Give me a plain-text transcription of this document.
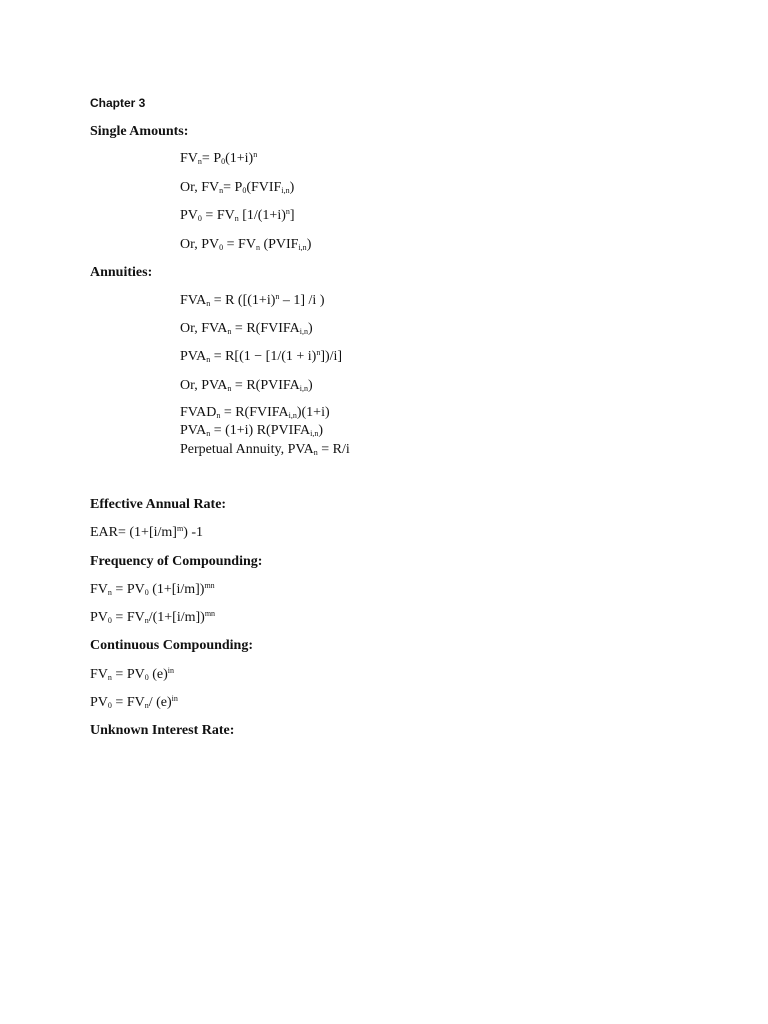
Chapter 3
Single Amounts:
$FV_n= P_0(1+i)^n$
Or, $FV_n=$ $P_0(FVIF_{i,n})$
$PV_0 = FV_n$ $[1/(1+i)^n]$
Or, $PV_0 = FV_n$ $(PVIF_{i,n})$
Annuities:
$FVA_n = R$ ($[(1+i)^n - 1]$ /i )
Or, $FVA_n$ = $R(FVIFA_{i,n})$
$PVA_n = R[(1 - [1/(1 + i)^n])/i]$
Or, $PVA_n$ = $R(PVIFA_{i,n})$
$FVAD_n$ = $R(FVIFA_{i,n})(1+i)$
$PVA_n = (1+i)$ $R(PVIFA_{i,n})$
Perpetual Annuity, $PVA_n = R/i$
Effective Annual Rate:
$EAR= (1+[i/m]^m)$ -1
Frequency of Compounding:
$FV_n = PV_0$ $(1+[i/m])^{mn}$
$PV_0 = FV_n/(1+[i/m])^{mn}$
Continuous Compounding:
$FV_n = PV_0$ $(e)^{in}$
$PV_0 = FV_n/$ $(e)^{in}$
Unknown Interest Rate:
